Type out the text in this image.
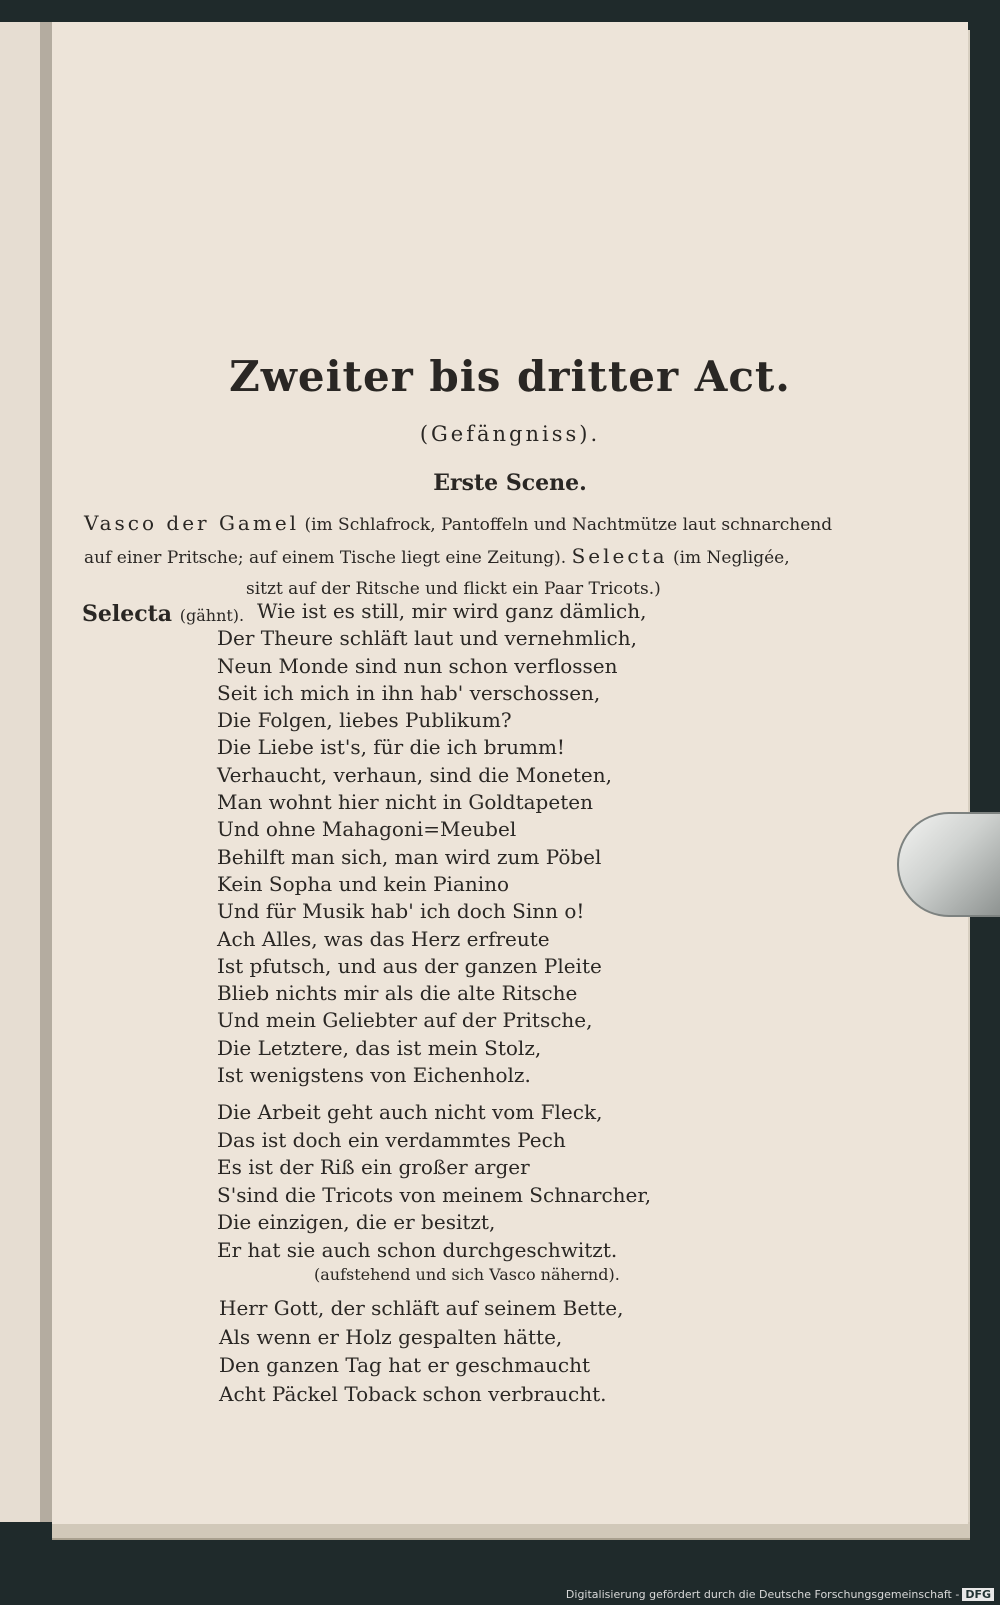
Zweiter bis dritter Act.
(Gefängniss).
Erste Scene.
Vasco der Gamel (im Schlafrock, Pantoffeln und Nachtmütze laut schnarchend
auf einer Pritsche; auf einem Tische liegt eine Zeitung). Selecta (im Negligée,
sitzt auf der Ritsche und flickt ein Paar Tricots.)
Selecta (gähnt). Wie ist es still, mir wird ganz dämlich,
Der Theure schläft laut und vernehmlich,
Neun Monde sind nun schon verflossen
Seit ich mich in ihn hab' verschossen,
Die Folgen, liebes Publikum?
Die Liebe ist's, für die ich brumm!
Verhaucht, verhaun, sind die Moneten,
Man wohnt hier nicht in Goldtapeten
Und ohne Mahagoni=Meubel
Behilft man sich, man wird zum Pöbel
Kein Sopha und kein Pianino
Und für Musik hab' ich doch Sinn o!
Ach Alles, was das Herz erfreute
Ist pfutsch, und aus der ganzen Pleite
Blieb nichts mir als die alte Ritsche
Und mein Geliebter auf der Pritsche,
Die Letztere, das ist mein Stolz,
Ist wenigstens von Eichenholz.
Die Arbeit geht auch nicht vom Fleck,
Das ist doch ein verdammtes Pech
Es ist der Riß ein großer arger
S'sind die Tricots von meinem Schnarcher,
Die einzigen, die er besitzt,
Er hat sie auch schon durchgeschwitzt.
(aufstehend und sich Vasco nähernd).
Herr Gott, der schläft auf seinem Bette,
Als wenn er Holz gespalten hätte,
Den ganzen Tag hat er geschmaucht
Acht Päckel Toback schon verbraucht.
Digitalisierung gefördert durch die Deutsche Forschungsgemeinschaft - DFG
